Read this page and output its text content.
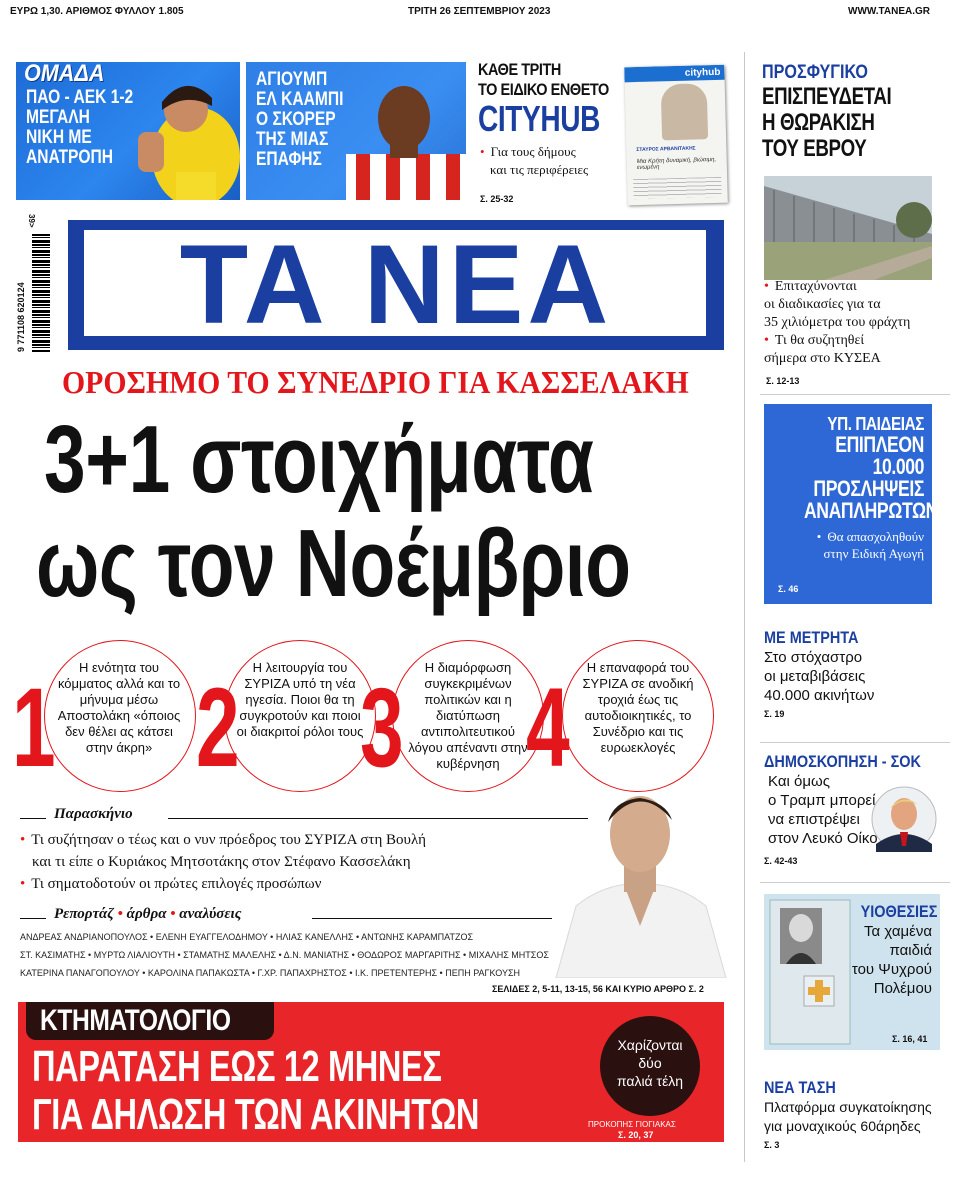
ΕΥΡΩ 1,30. ΑΡΙΘΜΟΣ ΦΥΛΛΟΥ 1.805	ΤΡΙΤΗ 26 ΣΕΠΤΕΜΒΡΙΟΥ 2023	WWW.TANEA.GR
ΟΜΑΔΑ
ΠΑΟ - ΑΕΚ 1-2
ΜΕΓΑΛΗ
ΝΙΚΗ ΜΕ
ΑΝΑΤΡΟΠΗ
ΑΓΙΟΥΜΠ
ΕΛ ΚΑΑΜΠΙ
Ο ΣΚΟΡΕΡ
ΤΗΣ ΜΙΑΣ
ΕΠΑΦΗΣ
ΚΑΘΕ ΤΡΙΤΗ
ΤΟ ΕΙΔΙΚΟ ΕΝΘΕΤΟ
CITYHUB
• Για τους δήμους
και τις περιφέρειες
Σ. 25-32
cityhub
ΣΤΑΥΡΟΣ ΑΡΒΑΝΙΤΑΚΗΣ
Μια Κρήτη δυναμική, βιώσιμη, ενωμένη
39>
9 771108 620124	ΤΑ ΝΕΑ
ΟΡΟΣΗΜΟ ΤΟ ΣΥΝΕΔΡΙΟ ΓΙΑ ΚΑΣΣΕΛΑΚΗ
3+1 στοιχήματα
ως τον Νοέμβριο
1	Η ενότητα του κόμματος αλλά και το μήνυμα μέσω Αποστολάκη «όποιος δεν θέλει ας κάτσει στην άκρη» 2	Η λειτουργία του ΣΥΡΙΖΑ υπό τη νέα ηγεσία. Ποιοι θα τη συγκροτούν και ποιοι οι διακριτοί ρόλοι τους
3	Η διαμόρφωση συγκεκριμένων πολιτικών και η διατύπωση αντιπολιτευτικού λόγου απέναντι στην κυβέρνηση 4	Η επαναφορά του ΣΥΡΙΖΑ σε ανοδική τροχιά έως τις αυτοδιοικητικές, το Συνέδριο και τις ευρωεκλογές
Παρασκήνιο
• Τι συζήτησαν ο τέως και ο νυν πρόεδρος του ΣΥΡΙΖΑ στη Βουλή
και τι είπε ο Κυριάκος Μητσοτάκης στον Στέφανο Κασσελάκη
• Τι σηματοδοτούν οι πρώτες επιλογές προσώπων
Ρεπορτάζ • άρθρα • αναλύσεις
ΑΝΔΡΕΑΣ ΑΝΔΡΙΑΝΟΠΟΥΛΟΣ • ΕΛΕΝΗ ΕΥΑΓΓΕΛΟΔΗΜΟΥ • ΗΛΙΑΣ ΚΑΝΕΛΛΗΣ • ΑΝΤΩΝΗΣ ΚΑΡΑΜΠΑΤΖΟΣ
ΣΤ. ΚΑΣΙΜΑΤΗΣ • ΜΥΡΤΩ ΛΙΑΛΙΟΥΤΗ • ΣΤΑΜΑΤΗΣ ΜΑΛΕΛΗΣ • Δ.Ν. ΜΑΝΙΑΤΗΣ • ΘΟΔΩΡΟΣ ΜΑΡΓΑΡΙΤΗΣ • ΜΙΧΑΛΗΣ ΜΗΤΣΟΣ
ΚΑΤΕΡΙΝΑ ΠΑΝΑΓΟΠΟΥΛΟΥ • ΚΑΡΟΛΙΝΑ ΠΑΠΑΚΩΣΤΑ • Γ.ΧΡ. ΠΑΠΑΧΡΗΣΤΟΣ • Ι.Κ. ΠΡΕΤΕΝΤΕΡΗΣ • ΠΕΠΗ ΡΑΓΚΟΥΣΗ
ΣΕΛΙΔΕΣ 2, 5-11, 13-15, 56 ΚΑΙ ΚΥΡΙΟ ΑΡΘΡΟ Σ. 2
ΚΤΗΜΑΤΟΛΟΓΙΟ
ΠΑΡΑΤΑΣΗ ΕΩΣ 12 ΜΗΝΕΣ
ΓΙΑ ΔΗΛΩΣΗ ΤΩΝ ΑΚΙΝΗΤΩΝ
Χαρίζονται
δύο
παλιά τέλη
ΠΡΟΚΟΠΗΣ ΓΙΟΓΙΑΚΑΣ
Σ. 20, 37
ΠΡΟΣΦΥΓΙΚΟ
ΕΠΙΣΠΕΥΔΕΤΑΙ
Η ΘΩΡΑΚΙΣΗ
ΤΟΥ ΕΒΡΟΥ
• Επιταχύνονται
οι διαδικασίες για τα
35 χιλιόμετρα του φράχτη
• Τι θα συζητηθεί
σήμερα στο ΚΥΣΕΑ
Σ. 12-13
ΥΠ. ΠΑΙΔΕΙΑΣ
ΕΠΙΠΛΕΟΝ
10.000
ΠΡΟΣΛΗΨΕΙΣ
ΑΝΑΠΛΗΡΩΤΩΝ
• Θα απασχοληθούν
στην Ειδική Αγωγή
Σ. 46
ΜΕ ΜΕΤΡΗΤΑ
Στο στόχαστρο
οι μεταβιβάσεις
40.000 ακινήτων
Σ. 19
ΔΗΜΟΣΚΟΠΗΣΗ - ΣΟΚ
Και όμως
ο Τραμπ μπορεί
να επιστρέψει
στον Λευκό Οίκο
Σ. 42-43
ΥΙΟΘΕΣΙΕΣ
Τα χαμένα
παιδιά
του Ψυχρού
Πολέμου
Σ. 16, 41
ΝΕΑ ΤΑΣΗ
Πλατφόρμα συγκατοίκησης
για μοναχικούς 60άρηδες
Σ. 3
